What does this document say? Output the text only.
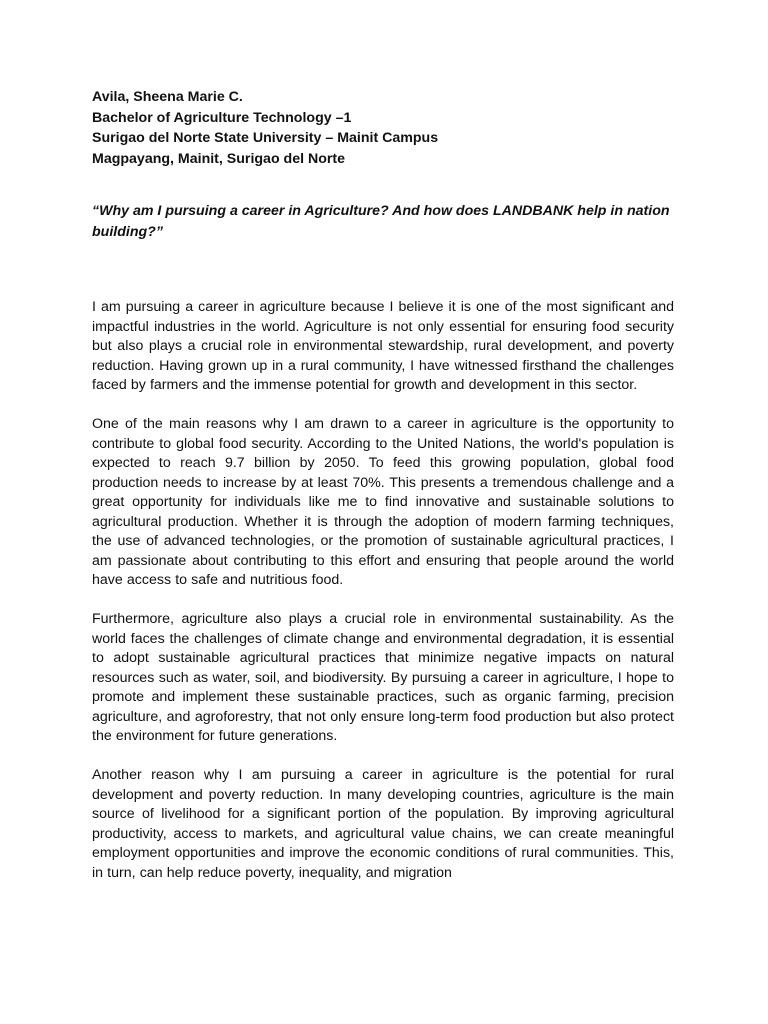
Avila, Sheena Marie C.
Bachelor of Agriculture Technology –1
Surigao del Norte State University – Mainit Campus
Magpayang, Mainit, Surigao del Norte
“Why am I pursuing a career in Agriculture? And how does LANDBANK help in nation building?”

I am pursuing a career in agriculture because I believe it is one of the most significant and impactful industries in the world. Agriculture is not only essential for ensuring food security but also plays a crucial role in environmental stewardship, rural development, and poverty reduction. Having grown up in a rural community, I have witnessed firsthand the challenges faced by farmers and the immense potential for growth and development in this sector.

One of the main reasons why I am drawn to a career in agriculture is the opportunity to contribute to global food security. According to the United Nations, the world's population is expected to reach 9.7 billion by 2050. To feed this growing population, global food production needs to increase by at least 70%. This presents a tremendous challenge and a great opportunity for individuals like me to find innovative and sustainable solutions to agricultural production. Whether it is through the adoption of modern farming techniques, the use of advanced technologies, or the promotion of sustainable agricultural practices, I am passionate about contributing to this effort and ensuring that people around the world have access to safe and nutritious food.

Furthermore, agriculture also plays a crucial role in environmental sustainability. As the world faces the challenges of climate change and environmental degradation, it is essential to adopt sustainable agricultural practices that minimize negative impacts on natural resources such as water, soil, and biodiversity. By pursuing a career in agriculture, I hope to promote and implement these sustainable practices, such as organic farming, precision agriculture, and agroforestry, that not only ensure long-term food production but also protect the environment for future generations.

Another reason why I am pursuing a career in agriculture is the potential for rural development and poverty reduction. In many developing countries, agriculture is the main source of livelihood for a significant portion of the population. By improving agricultural productivity, access to markets, and agricultural value chains, we can create meaningful employment opportunities and improve the economic conditions of rural communities. This, in turn, can help reduce poverty, inequality, and migration
